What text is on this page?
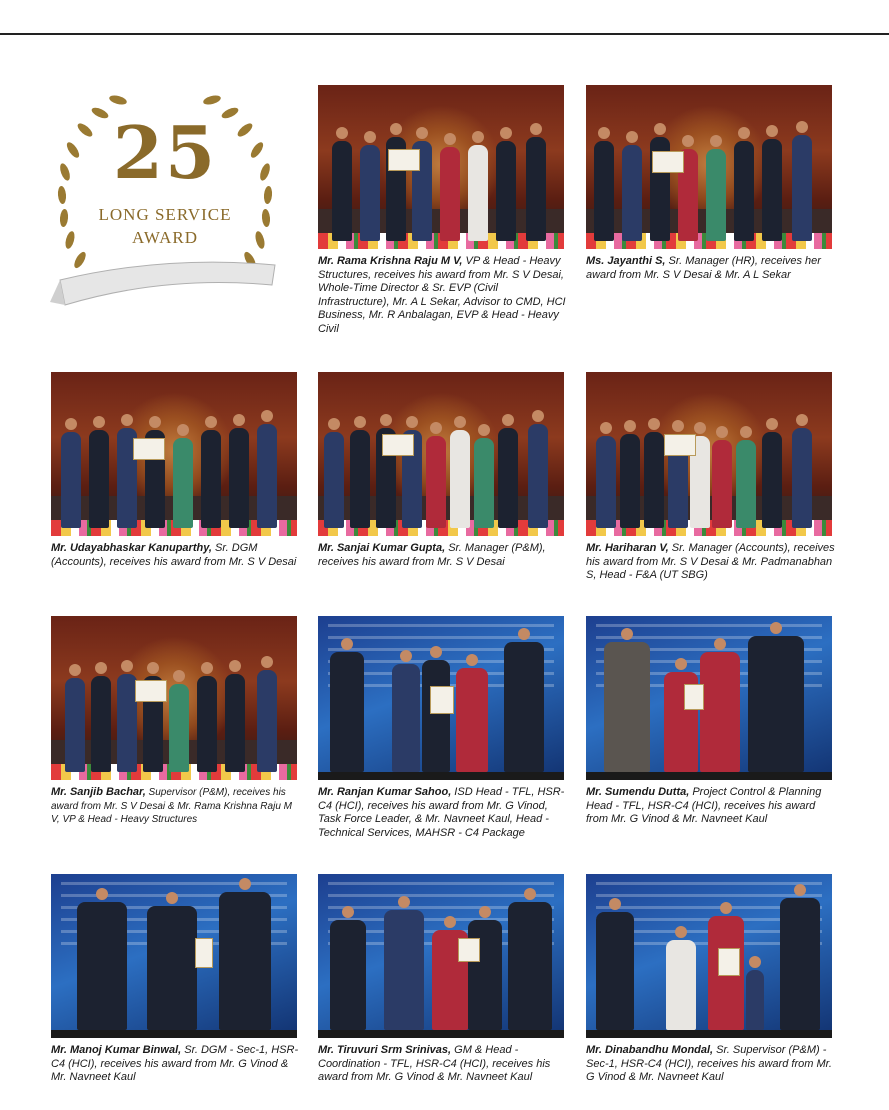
25
LONG SERVICE
AWARD
Mr. Rama Krishna Raju M V, VP & Head - Heavy Structures, receives his award from Mr. S V Desai, Whole-Time Director & Sr. EVP (Civil Infrastructure), Mr. A L Sekar, Advisor to CMD, HCI Business, Mr. R Anbalagan, EVP & Head - Heavy Civil
Ms. Jayanthi S, Sr. Manager (HR), receives her award from Mr. S V Desai & Mr. A L Sekar
Mr. Udayabhaskar Kanuparthy, Sr. DGM (Accounts), receives his award from Mr. S V Desai
Mr. Sanjai Kumar Gupta, Sr. Manager (P&M), receives his award from Mr. S V Desai
Mr. Hariharan V, Sr. Manager (Accounts), receives his award from Mr. S V Desai & Mr. Padmanabhan S, Head - F&A (UT SBG)
Mr. Sanjib Bachar, Supervisor (P&M), receives his award from Mr. S V Desai & Mr. Rama Krishna Raju M V, VP & Head - Heavy Structures
Mr. Ranjan Kumar Sahoo, ISD Head - TFL, HSR-C4 (HCI), receives his award from Mr. G Vinod, Task Force Leader, & Mr. Navneet Kaul, Head - Technical Services, MAHSR - C4 Package
Mr. Sumendu Dutta, Project Control & Planning Head - TFL, HSR-C4 (HCI), receives his award from Mr. G Vinod & Mr. Navneet Kaul
Mr. Manoj Kumar Binwal, Sr. DGM - Sec-1, HSR-C4 (HCI), receives his award from Mr. G Vinod & Mr. Navneet Kaul
Mr. Tiruvuri Srm Srinivas, GM & Head - Coordination - TFL, HSR-C4 (HCI), receives his award from Mr. G Vinod & Mr. Navneet Kaul
Mr. Dinabandhu Mondal, Sr. Supervisor (P&M) - Sec-1, HSR-C4 (HCI), receives his award from Mr. G Vinod & Mr. Navneet Kaul
